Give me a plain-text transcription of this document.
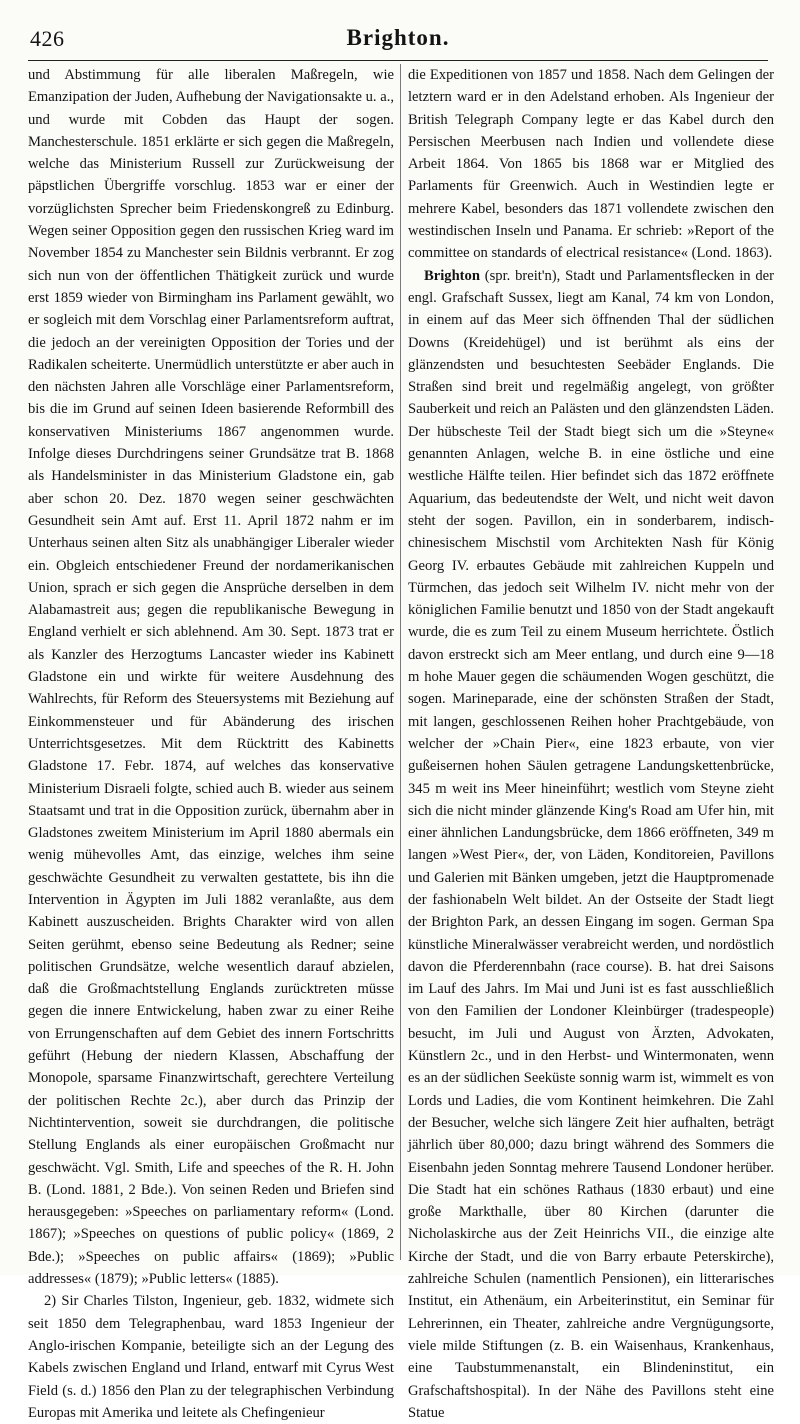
426	Brighton.

und Abstimmung für alle liberalen Maßregeln, wie Emanzipation der Juden, Aufhebung der Navigationsakte u. a., und wurde mit Cobden das Haupt der sogen. Manchesterschule. 1851 erklärte er sich gegen die Maßregeln, welche das Ministerium Russell zur Zurückweisung der päpstlichen Übergriffe vorschlug. 1853 war er einer der vorzüglichsten Sprecher beim Friedenskongreß zu Edinburg. Wegen seiner Opposition gegen den russischen Krieg ward im November 1854 zu Manchester sein Bildnis verbrannt. Er zog sich nun von der öffentlichen Thätigkeit zurück und wurde erst 1859 wieder von Birmingham ins Parlament gewählt, wo er sogleich mit dem Vorschlag einer Parlamentsreform auftrat, die jedoch an der vereinigten Opposition der Tories und der Radikalen scheiterte. Unermüdlich unterstützte er aber auch in den nächsten Jahren alle Vorschläge einer Parlamentsreform, bis die im Grund auf seinen Ideen basierende Reformbill des konservativen Ministeriums 1867 angenommen wurde. Infolge dieses Durchdringens seiner Grundsätze trat B. 1868 als Handelsminister in das Ministerium Gladstone ein, gab aber schon 20. Dez. 1870 wegen seiner geschwächten Gesundheit sein Amt auf. Erst 11. April 1872 nahm er im Unterhaus seinen alten Sitz als unabhängiger Liberaler wieder ein. Obgleich entschiedener Freund der nordamerikanischen Union, sprach er sich gegen die Ansprüche derselben in dem Alabamastreit aus; gegen die republikanische Bewegung in England verhielt er sich ablehnend. Am 30. Sept. 1873 trat er als Kanzler des Herzogtums Lancaster wieder ins Kabinett Gladstone ein und wirkte für weitere Ausdehnung des Wahlrechts, für Reform des Steuersystems mit Beziehung auf Einkommensteuer und für Abänderung des irischen Unterrichtsgesetzes. Mit dem Rücktritt des Kabinetts Gladstone 17. Febr. 1874, auf welches das konservative Ministerium Disraeli folgte, schied auch B. wieder aus seinem Staatsamt und trat in die Opposition zurück, übernahm aber in Gladstones zweitem Ministerium im April 1880 abermals ein wenig mühevolles Amt, das einzige, welches ihm seine geschwächte Gesundheit zu verwalten gestattete, bis ihn die Intervention in Ägypten im Juli 1882 veranlaßte, aus dem Kabinett auszuscheiden. Brights Charakter wird von allen Seiten gerühmt, ebenso seine Bedeutung als Redner; seine politischen Grundsätze, welche wesentlich darauf abzielen, daß die Großmachtstellung Englands zurücktreten müsse gegen die innere Entwickelung, haben zwar zu einer Reihe von Errungenschaften auf dem Gebiet des innern Fortschritts geführt (Hebung der niedern Klassen, Abschaffung der Monopole, sparsame Finanzwirtschaft, gerechtere Verteilung der politischen Rechte 2c.), aber durch das Prinzip der Nichtintervention, soweit sie durchdrangen, die politische Stellung Englands als einer europäischen Großmacht nur geschwächt. Vgl. Smith, Life and speeches of the R. H. John B. (Lond. 1881, 2 Bde.). Von seinen Reden und Briefen sind herausgegeben: »Speeches on parliamentary reform« (Lond. 1867); »Speeches on questions of public policy« (1869, 2 Bde.); »Speeches on public affairs« (1869); »Public addresses« (1879); »Public letters« (1885).

2) Sir Charles Tilston, Ingenieur, geb. 1832, widmete sich seit 1850 dem Telegraphenbau, ward 1853 Ingenieur der Anglo-irischen Kompanie, beteiligte sich an der Legung des Kabels zwischen England und Irland, entwarf mit Cyrus West Field (s. d.) 1856 den Plan zu der telegraphischen Verbindung Europas mit Amerika und leitete als Chefingenieur

die Expeditionen von 1857 und 1858. Nach dem Gelingen der letztern ward er in den Adelstand erhoben. Als Ingenieur der British Telegraph Company legte er das Kabel durch den Persischen Meerbusen nach Indien und vollendete diese Arbeit 1864. Von 1865 bis 1868 war er Mitglied des Parlaments für Greenwich. Auch in Westindien legte er mehrere Kabel, besonders das 1871 vollendete zwischen den westindischen Inseln und Panama. Er schrieb: »Report of the committee on standards of electrical resistance« (Lond. 1863).

Brighton (spr. breit'n), Stadt und Parlamentsflecken in der engl. Grafschaft Sussex, liegt am Kanal, 74 km von London, in einem auf das Meer sich öffnenden Thal der südlichen Downs (Kreidehügel) und ist berühmt als eins der glänzendsten und besuchtesten Seebäder Englands. Die Straßen sind breit und regelmäßig angelegt, von größter Sauberkeit und reich an Palästen und den glänzendsten Läden. Der hübscheste Teil der Stadt biegt sich um die »Steyne« genannten Anlagen, welche B. in eine östliche und eine westliche Hälfte teilen. Hier befindet sich das 1872 eröffnete Aquarium, das bedeutendste der Welt, und nicht weit davon steht der sogen. Pavillon, ein in sonderbarem, indisch-chinesischem Mischstil vom Architekten Nash für König Georg IV. erbautes Gebäude mit zahlreichen Kuppeln und Türmchen, das jedoch seit Wilhelm IV. nicht mehr von der königlichen Familie benutzt und 1850 von der Stadt angekauft wurde, die es zum Teil zu einem Museum herrichtete. Östlich davon erstreckt sich am Meer entlang, und durch eine 9—18 m hohe Mauer gegen die schäumenden Wogen geschützt, die sogen. Marineparade, eine der schönsten Straßen der Stadt, mit langen, geschlossenen Reihen hoher Prachtgebäude, von welcher der »Chain Pier«, eine 1823 erbaute, von vier gußeisernen hohen Säulen getragene Landungskettenbrücke, 345 m weit ins Meer hineinführt; westlich vom Steyne zieht sich die nicht minder glänzende King's Road am Ufer hin, mit einer ähnlichen Landungsbrücke, dem 1866 eröffneten, 349 m langen »West Pier«, der, von Läden, Konditoreien, Pavillons und Galerien mit Bänken umgeben, jetzt die Hauptpromenade der fashionabeln Welt bildet. An der Ostseite der Stadt liegt der Brighton Park, an dessen Eingang im sogen. German Spa künstliche Mineralwässer verabreicht werden, und nordöstlich davon die Pferderennbahn (race course). B. hat drei Saisons im Lauf des Jahrs. Im Mai und Juni ist es fast ausschließlich von den Familien der Londoner Kleinbürger (tradespeople) besucht, im Juli und August von Ärzten, Advokaten, Künstlern 2c., und in den Herbst- und Wintermonaten, wenn es an der südlichen Seeküste sonnig warm ist, wimmelt es von Lords und Ladies, die vom Kontinent heimkehren. Die Zahl der Besucher, welche sich längere Zeit hier aufhalten, beträgt jährlich über 80,000; dazu bringt während des Sommers die Eisenbahn jeden Sonntag mehrere Tausend Londoner herüber. Die Stadt hat ein schönes Rathaus (1830 erbaut) und eine große Markthalle, über 80 Kirchen (darunter die Nicholaskirche aus der Zeit Heinrichs VII., die einzige alte Kirche der Stadt, und die von Barry erbaute Peterskirche), zahlreiche Schulen (namentlich Pensionen), ein litterarisches Institut, ein Athenäum, ein Arbeiterinstitut, ein Seminar für Lehrerinnen, ein Theater, zahlreiche andre Vergnügungsorte, viele milde Stiftungen (z. B. ein Waisenhaus, Krankenhaus, eine Taubstummenanstalt, ein Blindeninstitut, ein Grafschaftshospital). In der Nähe des Pavillons steht eine Statue
